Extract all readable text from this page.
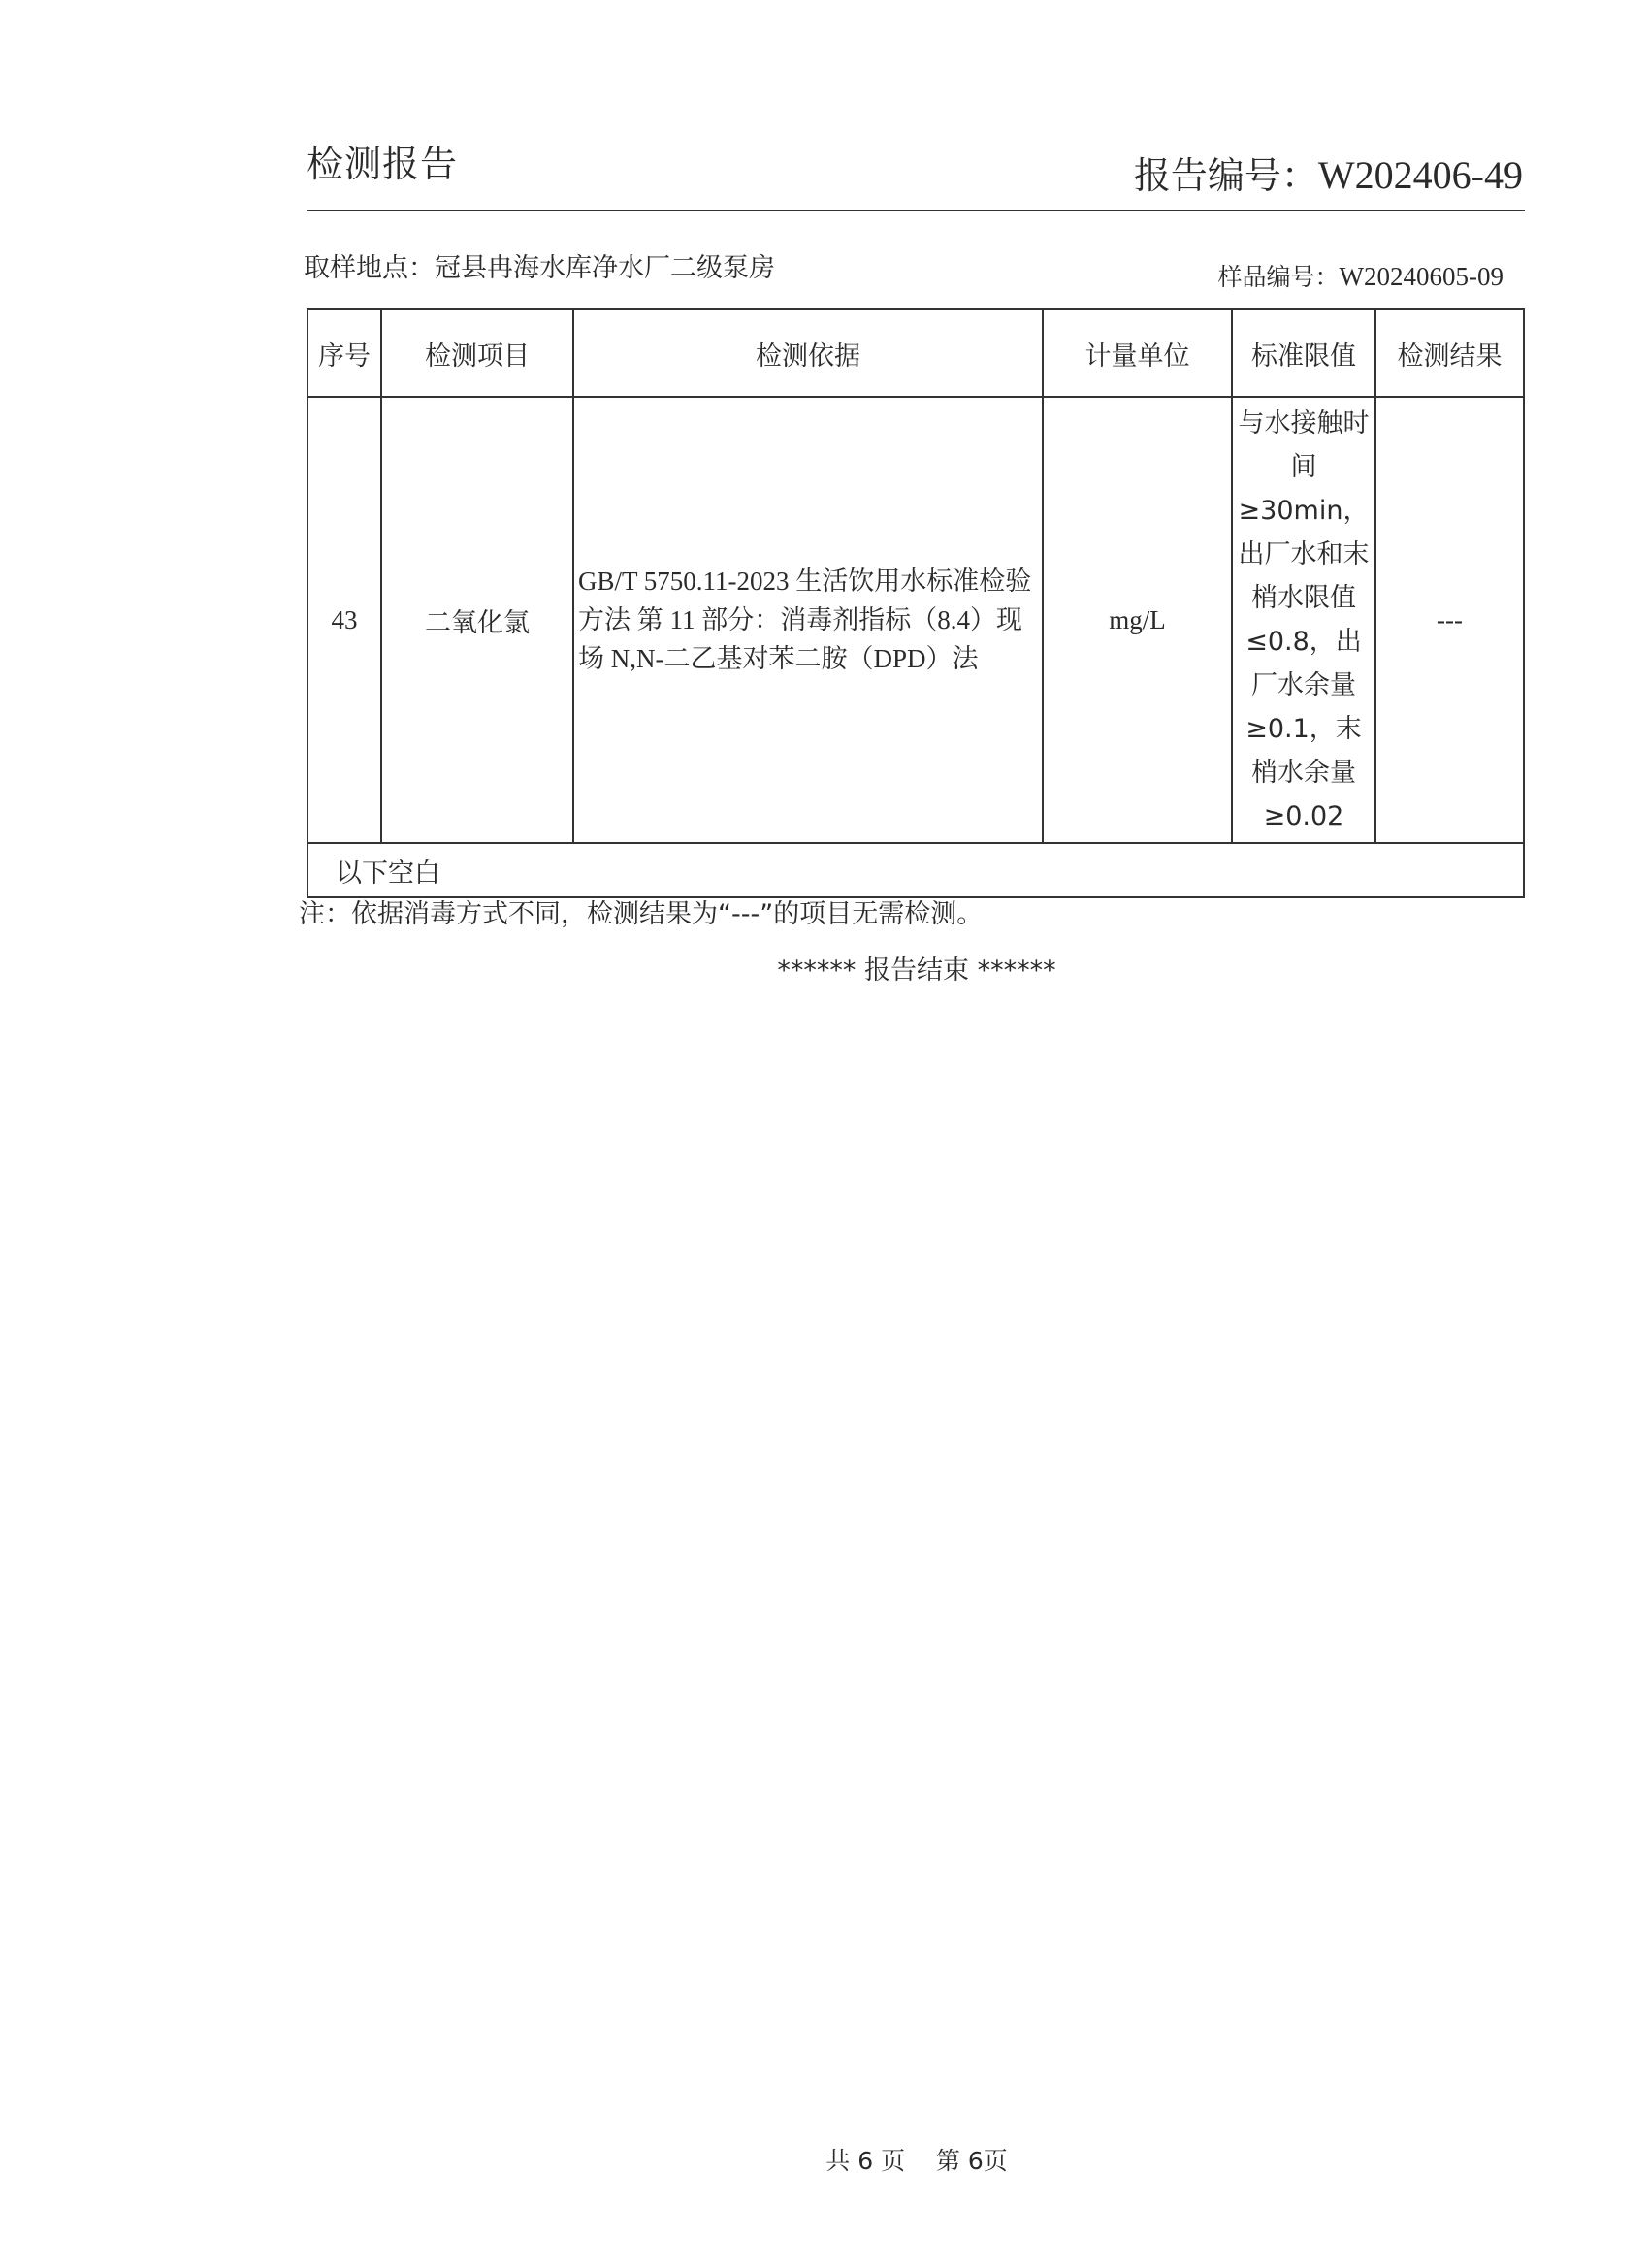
检测报告	报告编号：W202406-49
取样地点：冠县冉海水库净水厂二级泵房	样品编号：W20240605-09
序号	检测项目	检测依据	计量单位	标准限值	检测结果
43	二氧化氯	GB/T 5750.11-2023 生活饮用水标准检验方法 第 11 部分：消毒剂指标（8.4）现场 N,N-二乙基对苯二胺（DPD）法	mg/L	与水接触时间≥30min，出厂水和末梢水限值≤0.8，出厂水余量≥0.1，末梢水余量≥0.02	---
以下空白					
注：依据消毒方式不同，检测结果为“---”的项目无需检测。
****** 报告结束 ******
共 6 页 第 6页
